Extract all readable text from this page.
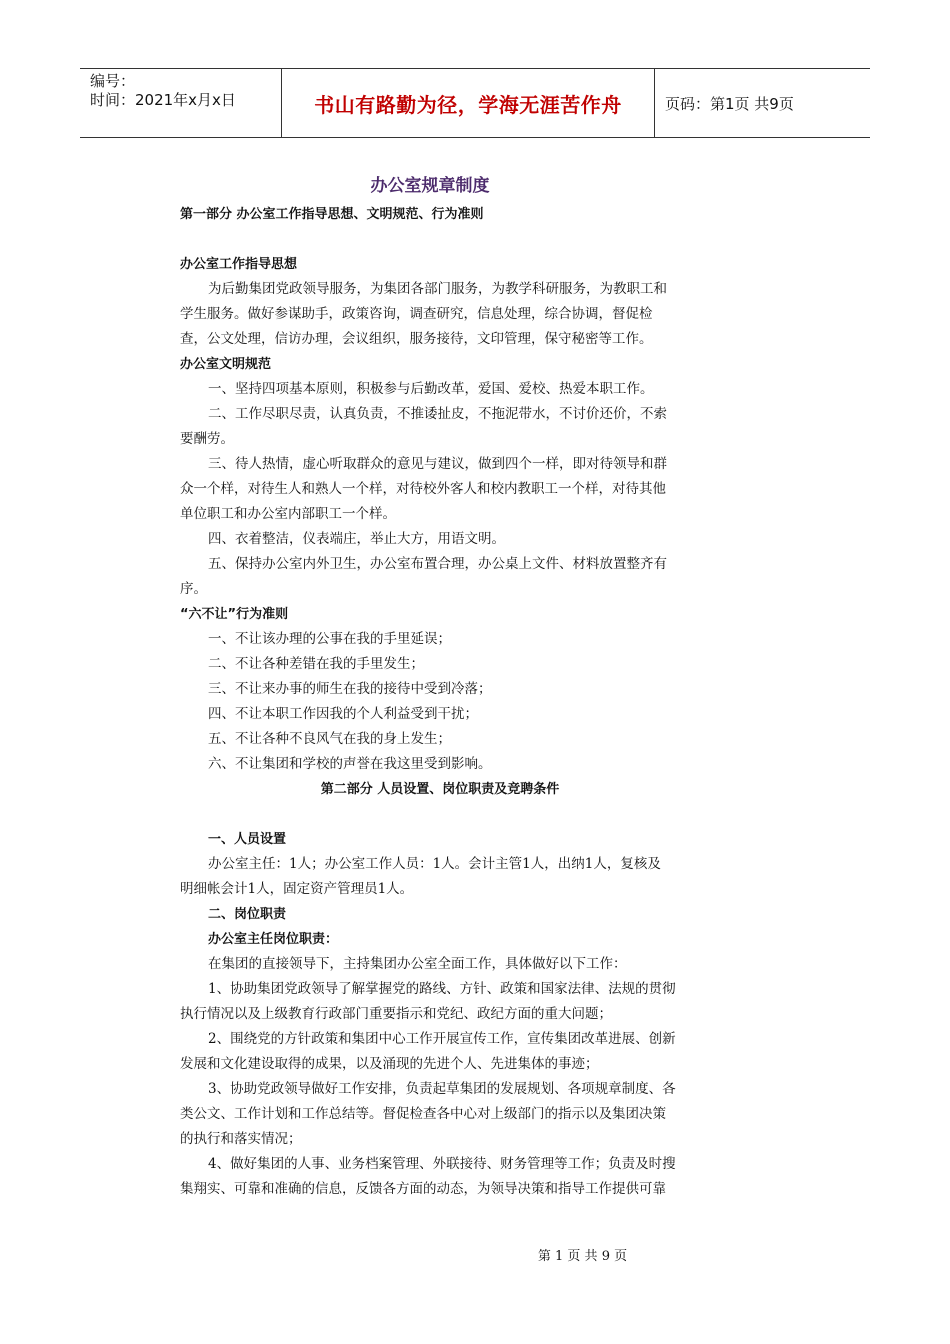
编号：
时间：2021年x月x日	书山有路勤为径，学海无涯苦作舟	页码：第1页 共9页
办公室规章制度
第一部分 办公室工作指导思想、文明规范、行为准则
办公室工作指导思想
为后勤集团党政领导服务，为集团各部门服务，为教学科研服务，为教职工和
学生服务。做好参谋助手，政策咨询，调查研究，信息处理，综合协调，督促检
查，公文处理，信访办理，会议组织，服务接待，文印管理，保守秘密等工作。
办公室文明规范
一、坚持四项基本原则，积极参与后勤改革，爱国、爱校、热爱本职工作。
二、工作尽职尽责，认真负责，不推诿扯皮，不拖泥带水，不讨价还价，不索
要酬劳。
三、待人热情，虚心听取群众的意见与建议，做到四个一样，即对待领导和群
众一个样，对待生人和熟人一个样，对待校外客人和校内教职工一个样，对待其他
单位职工和办公室内部职工一个样。
四、衣着整洁，仪表端庄，举止大方，用语文明。
五、保持办公室内外卫生，办公室布置合理，办公桌上文件、材料放置整齐有
序。
“六不让”行为准则
一、不让该办理的公事在我的手里延误；
二、不让各种差错在我的手里发生；
三、不让来办事的师生在我的接待中受到冷落；
四、不让本职工作因我的个人利益受到干扰；
五、不让各种不良风气在我的身上发生；
六、不让集团和学校的声誉在我这里受到影响。
第二部分 人员设置、岗位职责及竞聘条件
一、人员设置
办公室主任：1人；办公室工作人员：1人。会计主管1人，出纳1人，复核及
明细帐会计1人，固定资产管理员1人。
二、岗位职责
办公室主任岗位职责：
在集团的直接领导下，主持集团办公室全面工作，具体做好以下工作：
1、协助集团党政领导了解掌握党的路线、方针、政策和国家法律、法规的贯彻
执行情况以及上级教育行政部门重要指示和党纪、政纪方面的重大问题；
2、围绕党的方针政策和集团中心工作开展宣传工作，宣传集团改革进展、创新
发展和文化建设取得的成果，以及涌现的先进个人、先进集体的事迹；
3、协助党政领导做好工作安排，负责起草集团的发展规划、各项规章制度、各
类公文、工作计划和工作总结等。督促检查各中心对上级部门的指示以及集团决策
的执行和落实情况；
4、做好集团的人事、业务档案管理、外联接待、财务管理等工作；负责及时搜
集翔实、可靠和准确的信息，反馈各方面的动态，为领导决策和指导工作提供可靠
第 1 页 共 9 页
